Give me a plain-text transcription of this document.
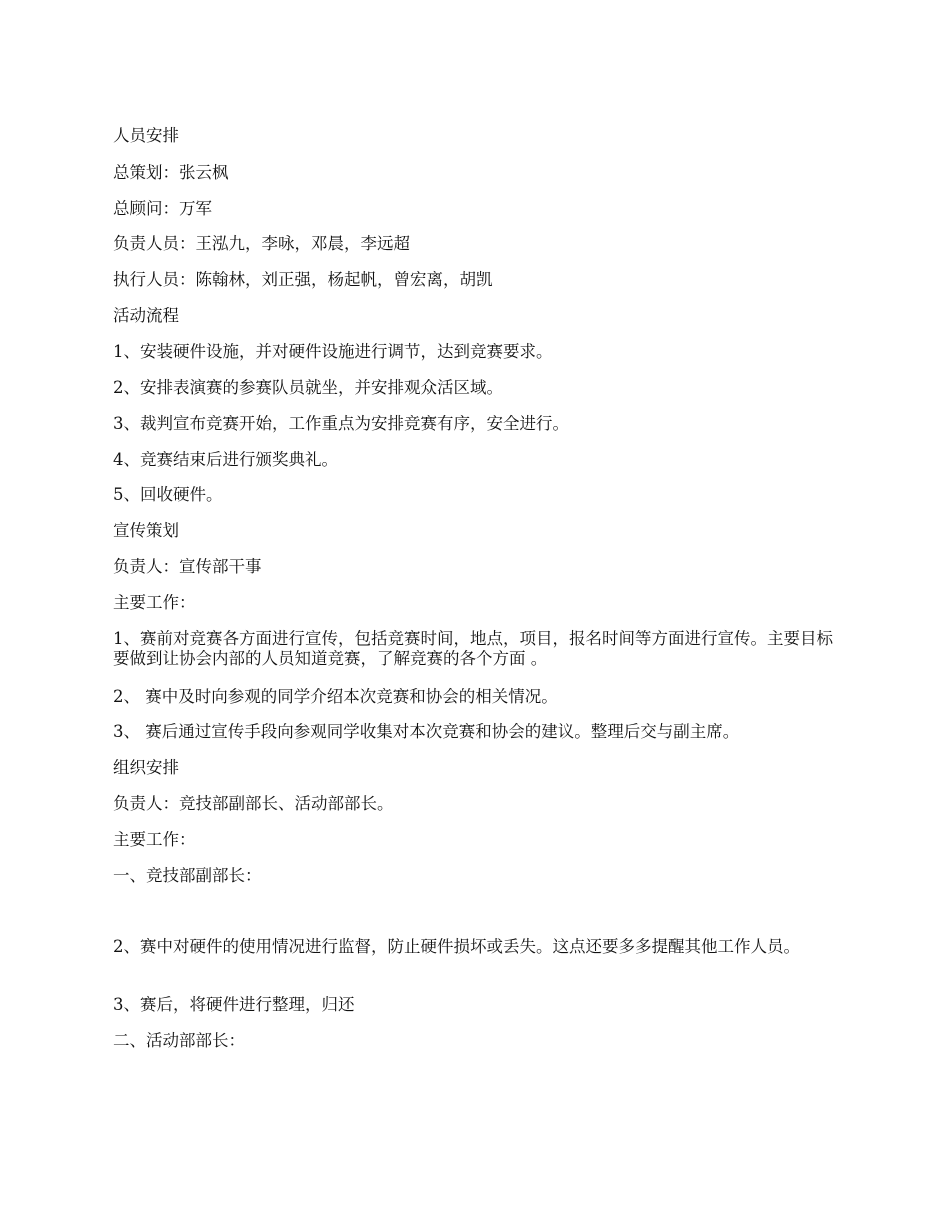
人员安排
总策划：张云枫
总顾问：万军
负责人员：王泓九，李咏，邓晨，李远超
执行人员：陈翰林，刘正强，杨起帆，曾宏离，胡凯
活动流程
1、安装硬件设施，并对硬件设施进行调节，达到竞赛要求。
2、安排表演赛的参赛队员就坐，并安排观众活区域。
3、裁判宣布竞赛开始，工作重点为安排竞赛有序，安全进行。
4、竞赛结束后进行颁奖典礼。
5、回收硬件。
宣传策划
负责人：宣传部干事
主要工作：
1、赛前对竞赛各方面进行宣传，包括竞赛时间，地点，项目，报名时间等方面进行宣传。主要目标要做到让协会内部的人员知道竞赛，了解竞赛的各个方面 。
2、 赛中及时向参观的同学介绍本次竞赛和协会的相关情况。
3、 赛后通过宣传手段向参观同学收集对本次竞赛和协会的建议。整理后交与副主席。
组织安排
负责人：竞技部副部长、活动部部长。
主要工作：
一、竞技部副部长：
2、赛中对硬件的使用情况进行监督，防止硬件损坏或丢失。这点还要多多提醒其他工作人员。
3、赛后，将硬件进行整理，归还
二、活动部部长：
